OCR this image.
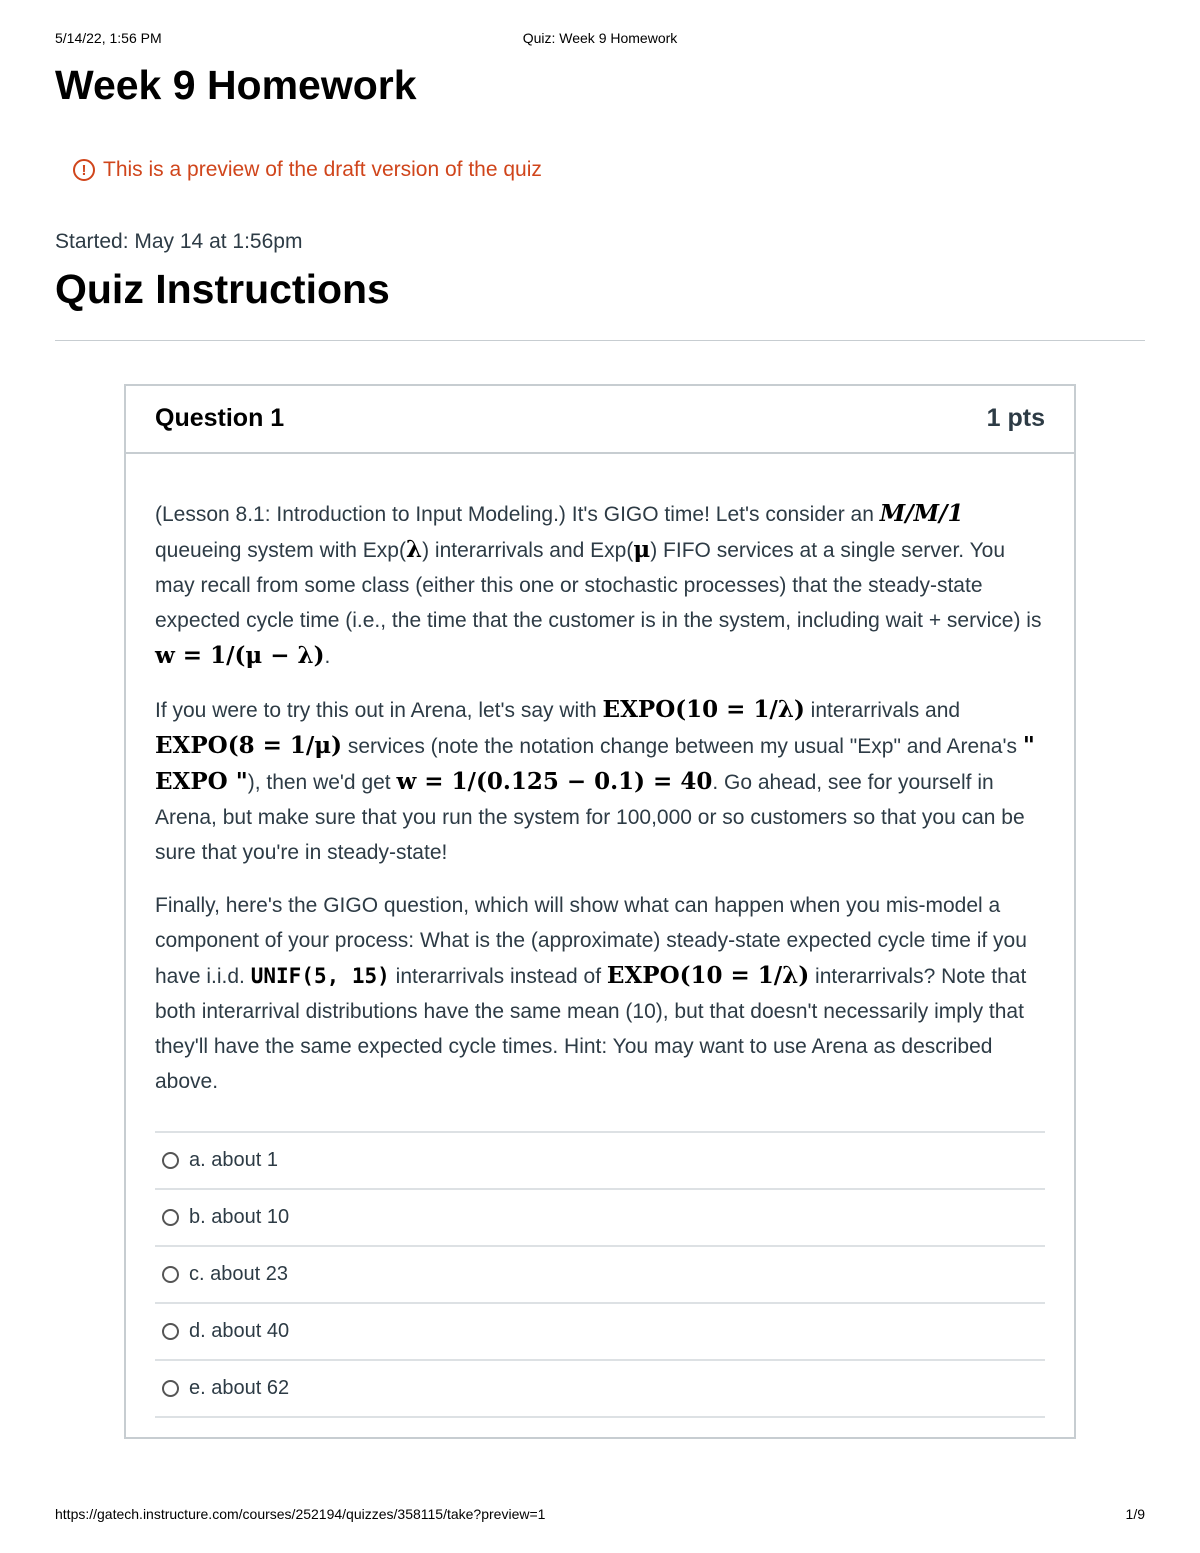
5/14/22, 1:56 PM	Quiz: Week 9 Homework
Week 9 Homework
! This is a preview of the draft version of the quiz
Started: May 14 at 1:56pm
Quiz Instructions
Question 1	1 pts

(Lesson 8.1: Introduction to Input Modeling.) It's GIGO time! Let's consider an M/M/1 queueing system with Exp(λ) interarrivals and Exp(μ) FIFO services at a single server. You may recall from some class (either this one or stochastic processes) that the steady-state expected cycle time (i.e., the time that the customer is in the system, including wait + service) is w = 1/(μ − λ).

If you were to try this out in Arena, let's say with EXPO(10 = 1/λ) interarrivals and EXPO(8 = 1/μ) services (note the notation change between my usual "Exp" and Arena's " EXPO "), then we'd get w = 1/(0.125 − 0.1) = 40. Go ahead, see for yourself in Arena, but make sure that you run the system for 100,000 or so customers so that you can be sure that you're in steady-state!

Finally, here's the GIGO question, which will show what can happen when you mis-model a component of your process: What is the (approximate) steady-state expected cycle time if you have i.i.d. UNIF(5, 15) interarrivals instead of EXPO(10 = 1/λ) interarrivals? Note that both interarrival distributions have the same mean (10), but that doesn't necessarily imply that they'll have the same expected cycle times. Hint: You may want to use Arena as described above.

a. about 1
b. about 10
c. about 23
d. about 40
e. about 62
https://gatech.instructure.com/courses/252194/quizzes/358115/take?preview=1	1/9
